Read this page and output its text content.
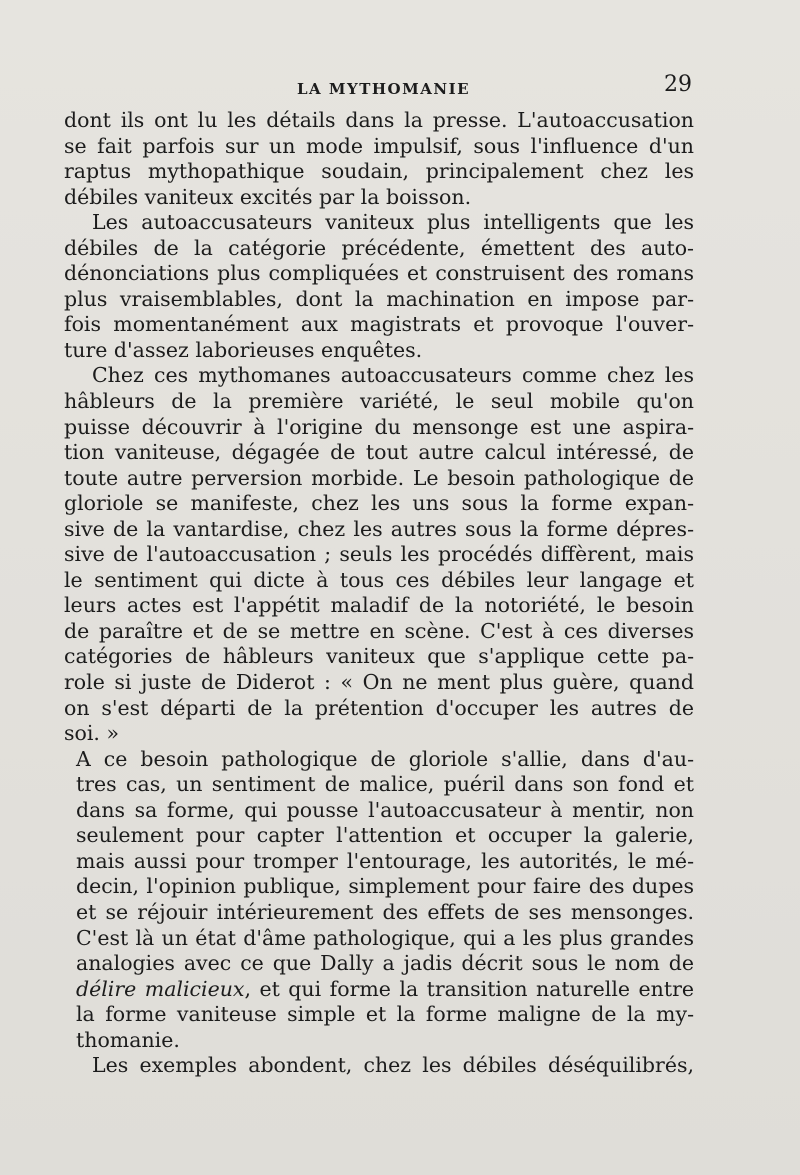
LA MYTHOMANIE	29
dont ils ont lu les détails dans la presse. L'autoaccusation
se fait parfois sur un mode impulsif, sous l'influence d'un
raptus mythopathique soudain, principalement chez les
débiles vaniteux excités par la boisson.
Les autoaccusateurs vaniteux plus intelligents que les
débiles de la catégorie précédente, émettent des auto-
dénonciations plus compliquées et construisent des romans
plus vraisemblables, dont la machination en impose par-
fois momentanément aux magistrats et provoque l'ouver-
ture d'assez laborieuses enquêtes.
Chez ces mythomanes autoaccusateurs comme chez les
hâbleurs de la première variété, le seul mobile qu'on
puisse découvrir à l'origine du mensonge est une aspira-
tion vaniteuse, dégagée de tout autre calcul intéressé, de
toute autre perversion morbide. Le besoin pathologique de
gloriole se manifeste, chez les uns sous la forme expan-
sive de la vantardise, chez les autres sous la forme dépres-
sive de l'autoaccusation ; seuls les procédés diffèrent, mais
le sentiment qui dicte à tous ces débiles leur langage et
leurs actes est l'appétit maladif de la notoriété, le besoin
de paraître et de se mettre en scène. C'est à ces diverses
catégories de hâbleurs vaniteux que s'applique cette pa-
role si juste de Diderot : « On ne ment plus guère, quand
on s'est départi de la prétention d'occuper les autres de
soi. »
A ce besoin pathologique de gloriole s'allie, dans d'au-
tres cas, un sentiment de malice, puéril dans son fond et
dans sa forme, qui pousse l'autoaccusateur à mentir, non
seulement pour capter l'attention et occuper la galerie,
mais aussi pour tromper l'entourage, les autorités, le mé-
decin, l'opinion publique, simplement pour faire des dupes
et se réjouir intérieurement des effets de ses mensonges.
C'est là un état d'âme pathologique, qui a les plus grandes
analogies avec ce que Dally a jadis décrit sous le nom de
délire malicieux, et qui forme la transition naturelle entre
la forme vaniteuse simple et la forme maligne de la my-
thomanie.
Les exemples abondent, chez les débiles déséquilibrés,
